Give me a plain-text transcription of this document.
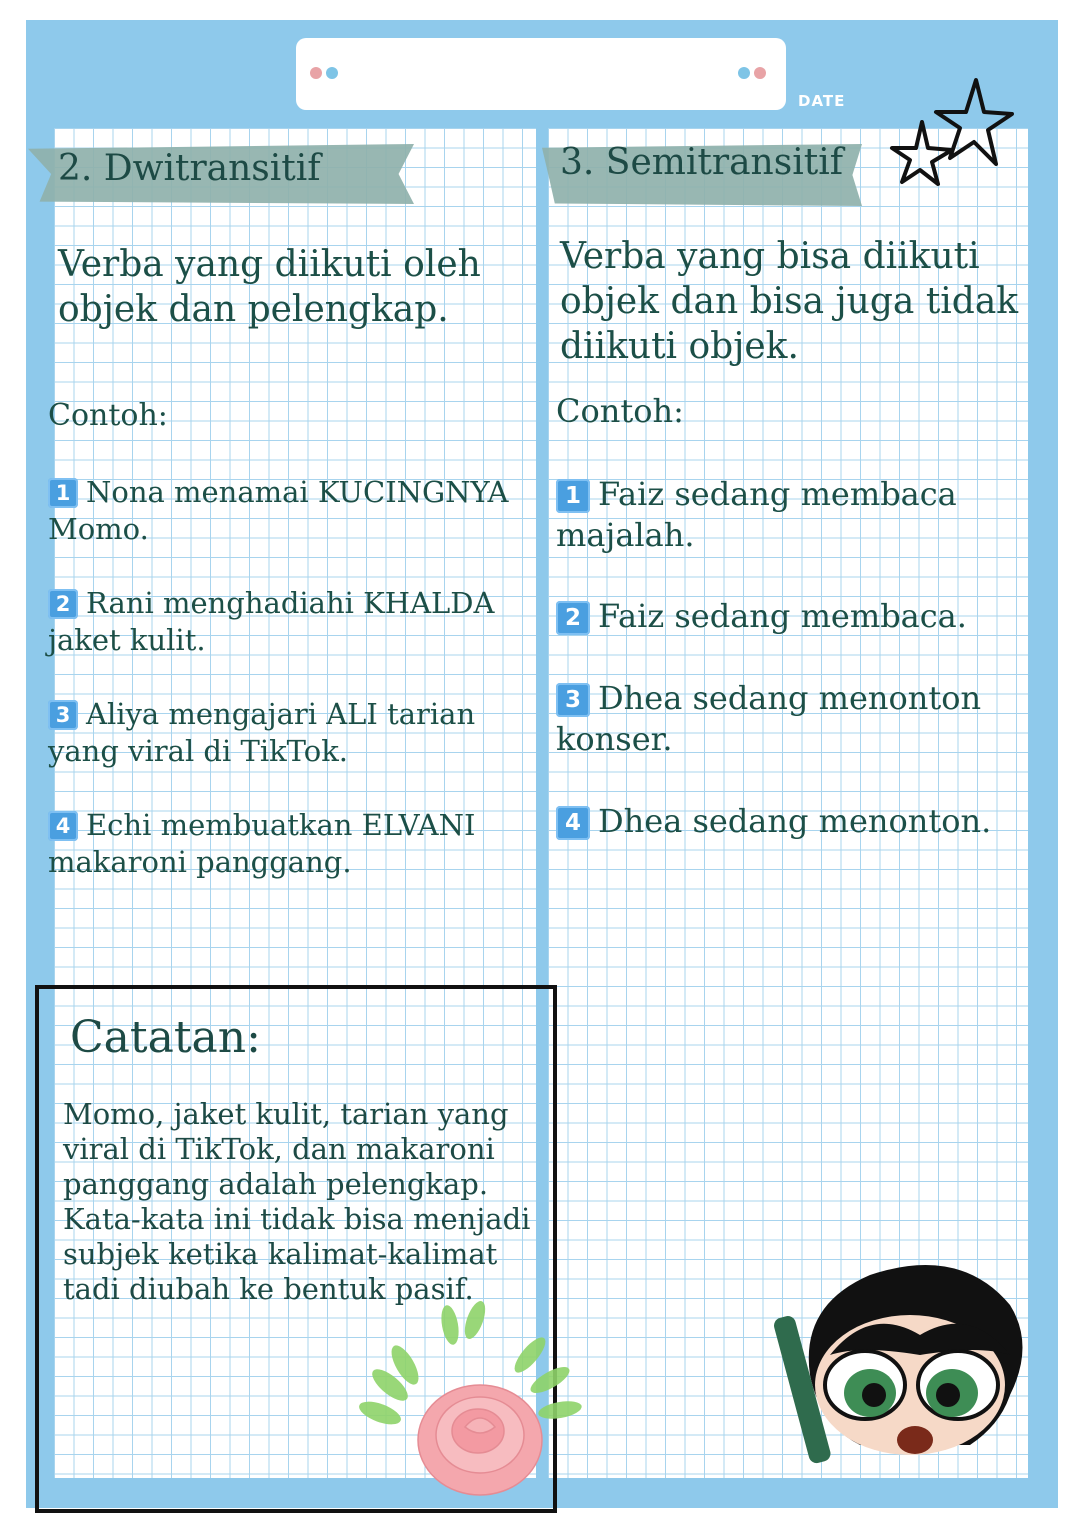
DATE
2. Dwitransitif	3. Semitransitif
Verba yang diikuti oleh
objek dan pelengkap.
Verba yang bisa diikuti
objek dan bisa juga tidak
diikuti objek.
Contoh:	Contoh:
1 Nona menamai KUCINGNYA
Momo.
2 Rani menghadiahi KHALDA
jaket kulit.
3 Aliya mengajari ALI tarian
yang viral di TikTok.
4 Echi membuatkan ELVANI
makaroni panggang.
1 Faiz sedang membaca
majalah.
2 Faiz sedang membaca.
3 Dhea sedang menonton
konser.
4 Dhea sedang menonton.
Catatan:
Momo, jaket kulit, tarian yang
viral di TikTok, dan makaroni
panggang adalah pelengkap.
Kata-kata ini tidak bisa menjadi
subjek ketika kalimat-kalimat
tadi diubah ke bentuk pasif.
